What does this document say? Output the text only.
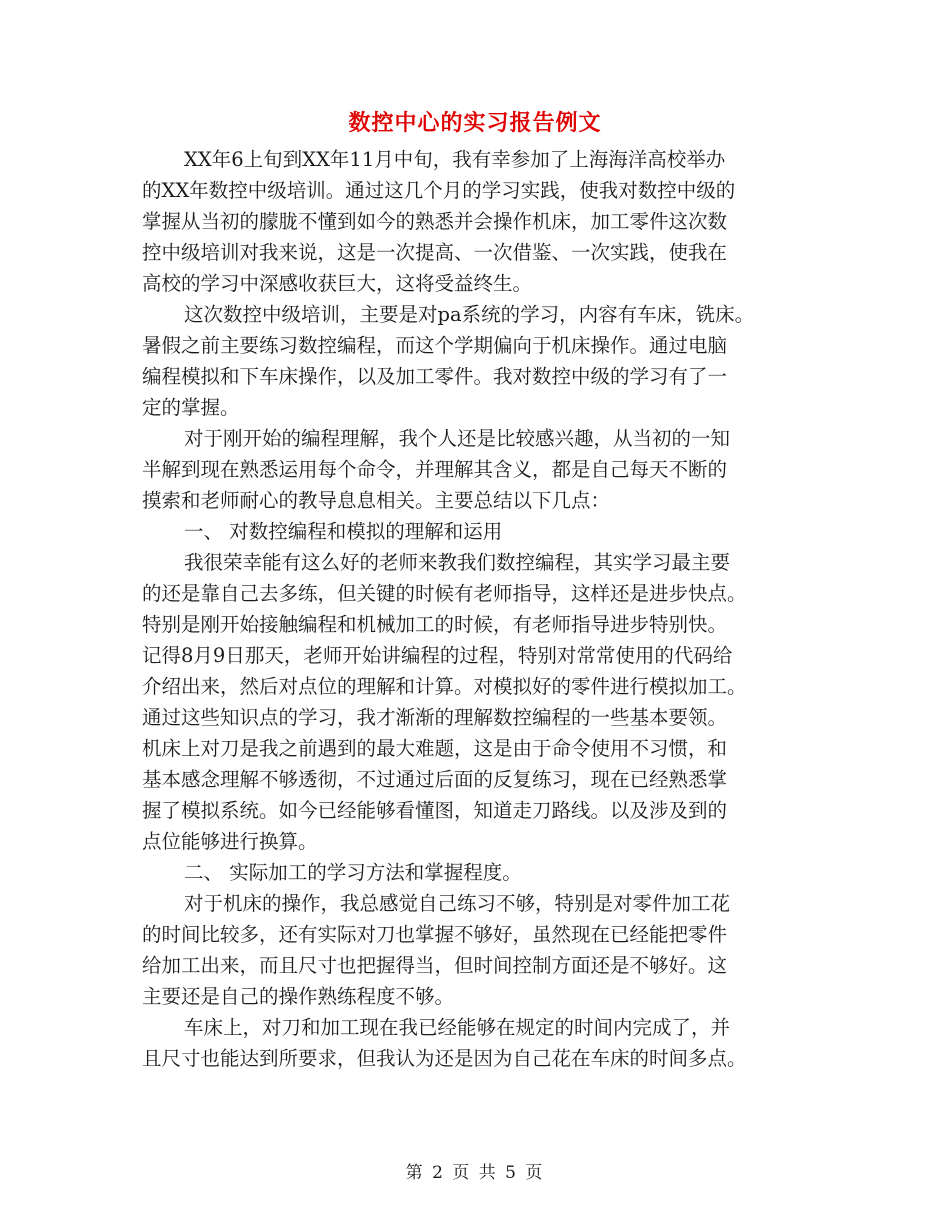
数控中心的实习报告例文
XX年6上旬到XX年11月中旬，我有幸参加了上海海洋高校举办
的XX年数控中级培训。通过这几个月的学习实践，使我对数控中级的
掌握从当初的朦胧不懂到如今的熟悉并会操作机床，加工零件这次数
控中级培训对我来说，这是一次提高、一次借鉴、一次实践，使我在
高校的学习中深感收获巨大，这将受益终生。
这次数控中级培训，主要是对pa系统的学习，内容有车床，铣床。
暑假之前主要练习数控编程，而这个学期偏向于机床操作。通过电脑
编程模拟和下车床操作，以及加工零件。我对数控中级的学习有了一
定的掌握。
对于刚开始的编程理解，我个人还是比较感兴趣，从当初的一知
半解到现在熟悉运用每个命令，并理解其含义，都是自己每天不断的
摸索和老师耐心的教导息息相关。主要总结以下几点：
一、 对数控编程和模拟的理解和运用
我很荣幸能有这么好的老师来教我们数控编程，其实学习最主要
的还是靠自己去多练，但关键的时候有老师指导，这样还是进步快点。
特别是刚开始接触编程和机械加工的时候，有老师指导进步特别快。
记得8月9日那天，老师开始讲编程的过程，特别对常常使用的代码给
介绍出来，然后对点位的理解和计算。对模拟好的零件进行模拟加工。
通过这些知识点的学习，我才渐渐的理解数控编程的一些基本要领。
机床上对刀是我之前遇到的最大难题，这是由于命令使用不习惯，和
基本感念理解不够透彻，不过通过后面的反复练习，现在已经熟悉掌
握了模拟系统。如今已经能够看懂图，知道走刀路线。以及涉及到的
点位能够进行换算。
二、 实际加工的学习方法和掌握程度。
对于机床的操作，我总感觉自己练习不够，特别是对零件加工花
的时间比较多，还有实际对刀也掌握不够好，虽然现在已经能把零件
给加工出来，而且尺寸也把握得当，但时间控制方面还是不够好。这
主要还是自己的操作熟练程度不够。
车床上，对刀和加工现在我已经能够在规定的时间内完成了，并
且尺寸也能达到所要求，但我认为还是因为自己花在车床的时间多点。
第 2 页 共 5 页
